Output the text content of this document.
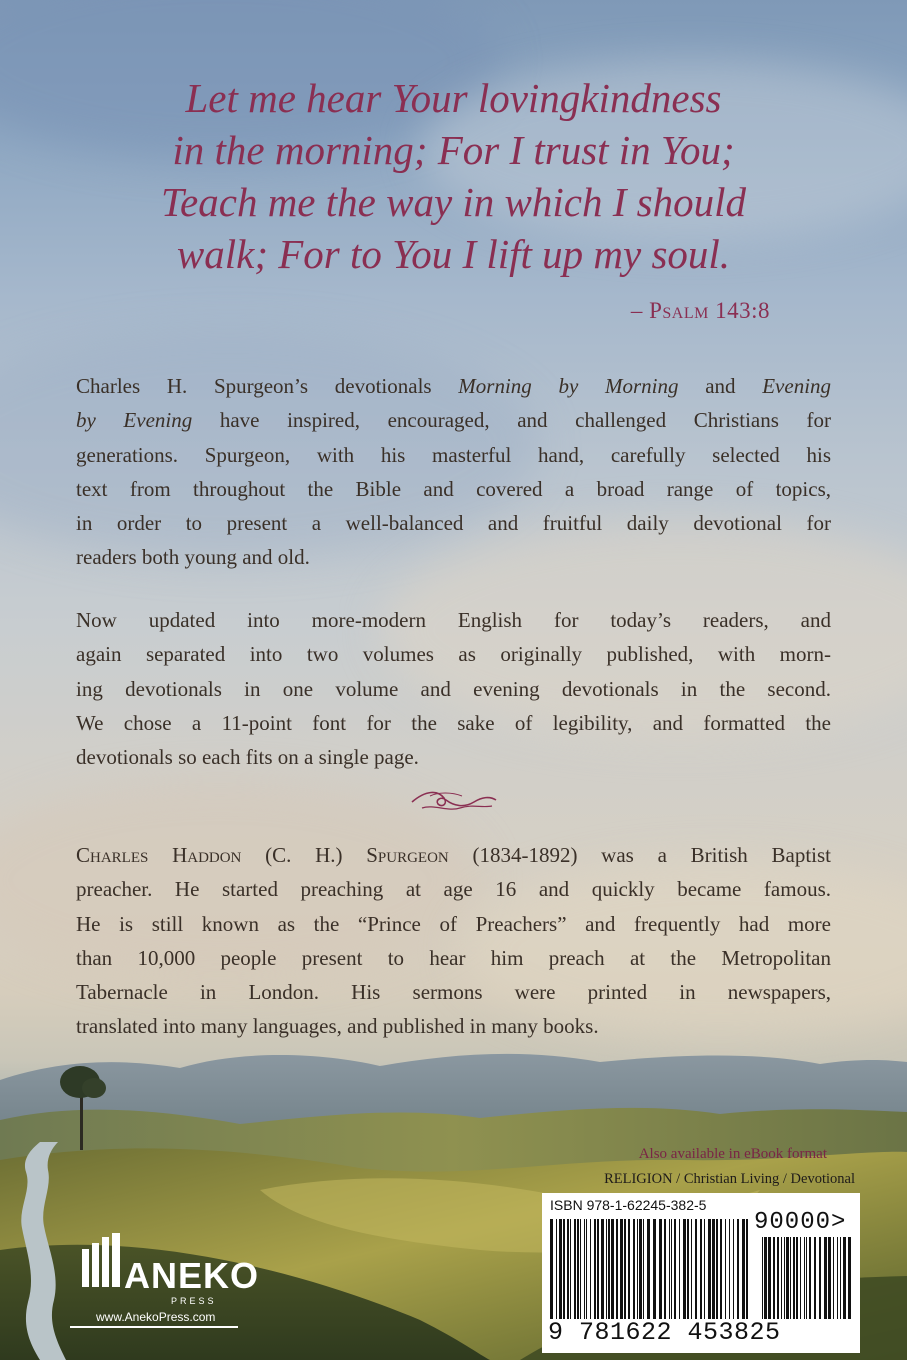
Let me hear Your lovingkindness
in the morning; For I trust in You;
Teach me the way in which I should
walk; For to You I lift up my soul.
– Psalm 143:8
Charles H. Spurgeon’s devotionals Morning by Morning and Evening
by Evening have inspired, encouraged, and challenged Christians for
generations. Spurgeon, with his masterful hand, carefully selected his
text from throughout the Bible and covered a broad range of topics,
in order to present a well-balanced and fruitful daily devotional for
readers both young and old.
Now updated into more-modern English for today’s readers, and
again separated into two volumes as originally published, with morn-
ing devotionals in one volume and evening devotionals in the second.
We chose a 11-point font for the sake of legibility, and formatted the
devotionals so each fits on a single page.
Charles Haddon (C. H.) Spurgeon (1834-1892) was a British Baptist
preacher. He started preaching at age 16 and quickly became famous.
He is still known as the “Prince of Preachers” and frequently had more
than 10,000 people present to hear him preach at the Metropolitan
Tabernacle in London. His sermons were printed in newspapers,
translated into many languages, and published in many books.
Also available in eBook format
RELIGION / Christian Living / Devotional
ISBN 978-1-62245-382-5
90000>
9 781622 453825
ANEKO
PRESS
www.AnekoPress.com
